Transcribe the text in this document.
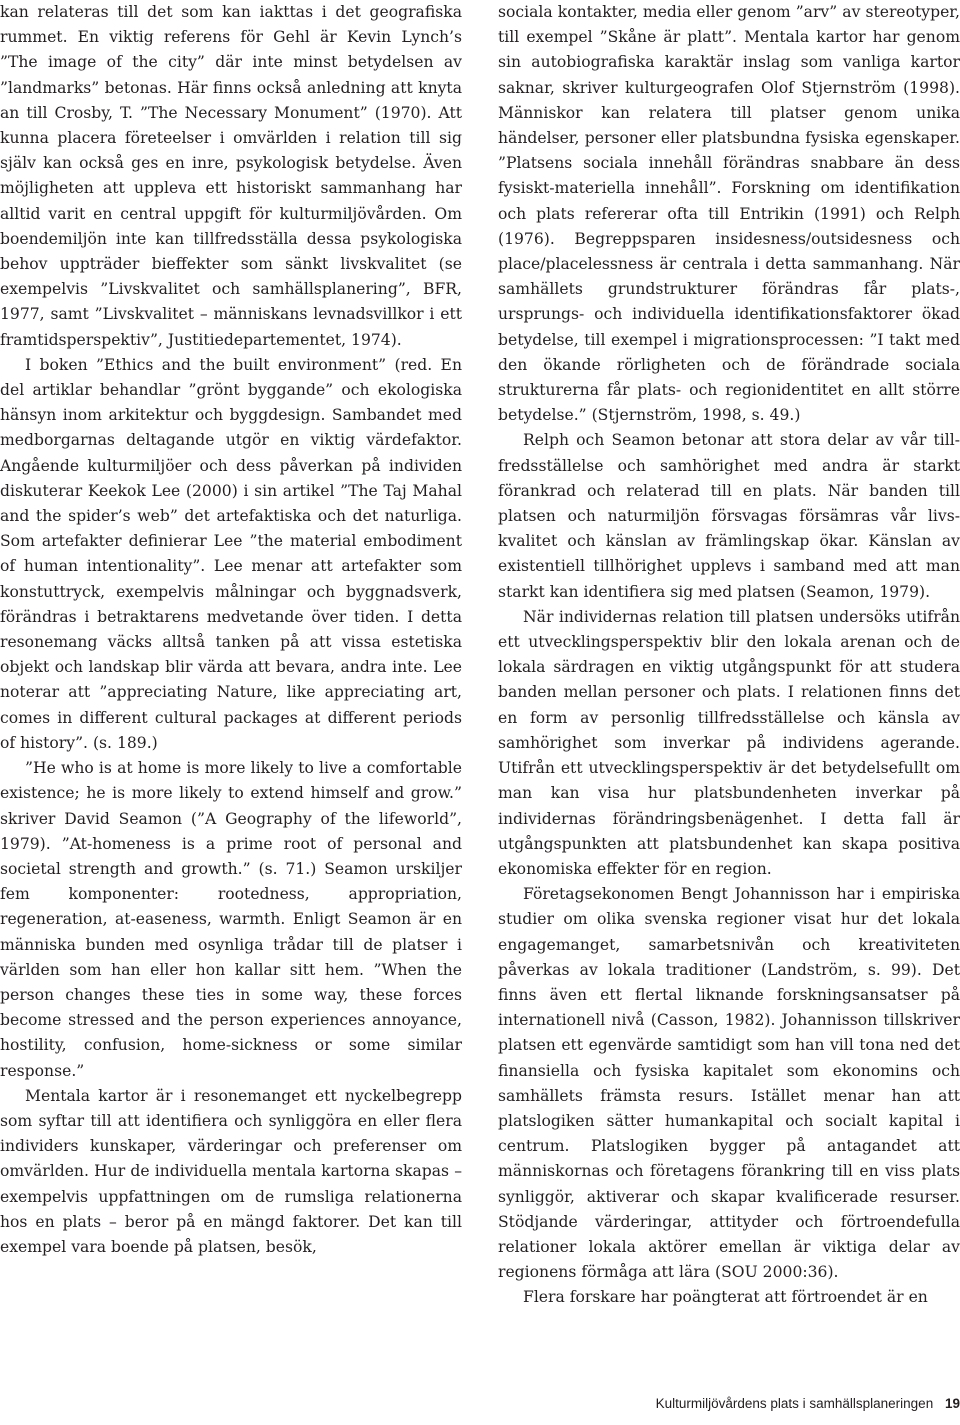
kan relateras till det som kan iakttas i det geografiska rummet. En viktig referens för Gehl är Kevin Lynch’s ”The image of the city” där inte minst betydelsen av ”landmarks” betonas. Här finns också anledning att knyta an till Crosby, T. ”The Necessary Monument” (1970). Att kunna placera företeelser i omvärlden i relation till sig själv kan också ges en inre, psykologisk betydelse. Även möjligheten att uppleva ett historiskt sammanhang har alltid varit en central uppgift för kulturmiljövården. Om boendemiljön inte kan tillfredsställa dessa psykologiska behov uppträder bieffekter som sänkt livskvalitet (se exempelvis ”Livskvalitet och samhällsplanering”, BFR, 1977, samt ”Livskvalitet – människans levnadsvillkor i ett framtidsperspektiv”, Justitiedepartementet, 1974).

I boken ”Ethics and the built environment” (red. En del artiklar behandlar ”grönt byggande” och ekologiska hänsyn inom arkitektur och byggdesign. Sambandet med medborgarnas deltagande utgör en viktig värdefaktor. Angående kulturmiljöer och dess påverkan på individen diskuterar Keekok Lee (2000) i sin artikel ”The Taj Mahal and the spider’s web” det artefaktiska och det naturliga. Som artefakter definierar Lee ”the material embodiment of human intentionality”. Lee menar att artefakter som konstuttryck, exempelvis målningar och byggnadsverk, förändras i betraktarens medvetande över tiden. I detta resonemang väcks alltså tanken på att vissa estetiska objekt och landskap blir värda att bevara, andra inte. Lee noterar att ”appreciating Nature, like appreciating art, comes in different cultural packages at different periods of history”. (s. 189.)

”He who is at home is more likely to live a comfortable existence; he is more likely to extend himself and grow.” skriver David Seamon (”A Geography of the lifeworld”, 1979). ”At-homeness is a prime root of personal and societal strength and growth.” (s. 71.) Seamon urskiljer fem komponenter: rootedness, appropriation, regeneration, at-easeness, warmth. Enligt Seamon är en människa bunden med osynliga trådar till de platser i världen som han eller hon kallar sitt hem. ”When the person changes these ties in some way, these forces become stressed and the person experiences annoyance, hostility, confusion, home-sickness or some similar response.”

Mentala kartor är i resonemanget ett nyckelbegrepp som syftar till att identifiera och synliggöra en eller flera individers kunskaper, värderingar och preferenser om omvärlden. Hur de individuella mentala kartorna skapas – exempelvis uppfattningen om de rumsliga relationerna hos en plats – beror på en mängd faktorer. Det kan till exempel vara boende på platsen, besök,

sociala kontakter, media eller genom ”arv” av stereotyper, till exempel ”Skåne är platt”. Mentala kartor har genom sin autobiografiska karaktär inslag som vanliga kartor saknar, skriver kulturgeografen Olof Stjernström (1998). Människor kan relatera till platser genom unika händelser, personer eller platsbundna fysiska egenskaper. ”Platsens sociala innehåll förändras snabbare än dess fysiskt-materiella innehåll”. Forskning om identifikation och plats refererar ofta till Entrikin (1991) och Relph (1976). Begreppsparen insidesness/outsidesness och place/placelessness är centrala i detta sammanhang. När samhällets grundstrukturer förändras får plats-, ursprungs- och individuella identifikationsfaktorer ökad betydelse, till exempel i migrationsprocessen: ”I takt med den ökande rörligheten och de förändrade sociala strukturerna får plats- och regionidentitet en allt större betydelse.” (Stjernström, 1998, s. 49.)

Relph och Seamon betonar att stora delar av vår tillfredsställelse och samhörighet med andra är starkt förankrad och relaterad till en plats. När banden till platsen och naturmiljön försvagas försämras vår livskvalitet och känslan av främlingskap ökar. Känslan av existentiell tillhörighet upplevs i samband med att man starkt kan identifiera sig med platsen (Seamon, 1979).

När individernas relation till platsen undersöks utifrån ett utvecklingsperspektiv blir den lokala arenan och de lokala särdragen en viktig utgångspunkt för att studera banden mellan personer och plats. I relationen finns det en form av personlig tillfredsställelse och känsla av samhörighet som inverkar på individens agerande. Utifrån ett utvecklingsperspektiv är det betydelsefullt om man kan visa hur platsbundenheten inverkar på individernas förändringsbenägenhet. I detta fall är utgångspunkten att platsbundenhet kan skapa positiva ekonomiska effekter för en region.

Företagsekonomen Bengt Johannisson har i empiriska studier om olika svenska regioner visat hur det lokala engagemanget, samarbetsnivån och kreativiteten påverkas av lokala traditioner (Landström, s. 99). Det finns även ett flertal liknande forskningsansatser på internationell nivå (Casson, 1982). Johannisson tillskriver platsen ett egenvärde samtidigt som han vill tona ned det finansiella och fysiska kapitalet som ekonomins och samhällets främsta resurs. Istället menar han att platslogiken sätter humankapital och socialt kapital i centrum. Platslogiken bygger på antagandet att människornas och företagens förankring till en viss plats synliggör, aktiverar och skapar kvalificerade resurser. Stödjande värderingar, attityder och förtroendefulla relationer lokala aktörer emellan är viktiga delar av regionens förmåga att lära (SOU 2000:36).

Flera forskare har poängterat att förtroendet är en

Kulturmiljövårdens plats i samhällsplaneringen 19
